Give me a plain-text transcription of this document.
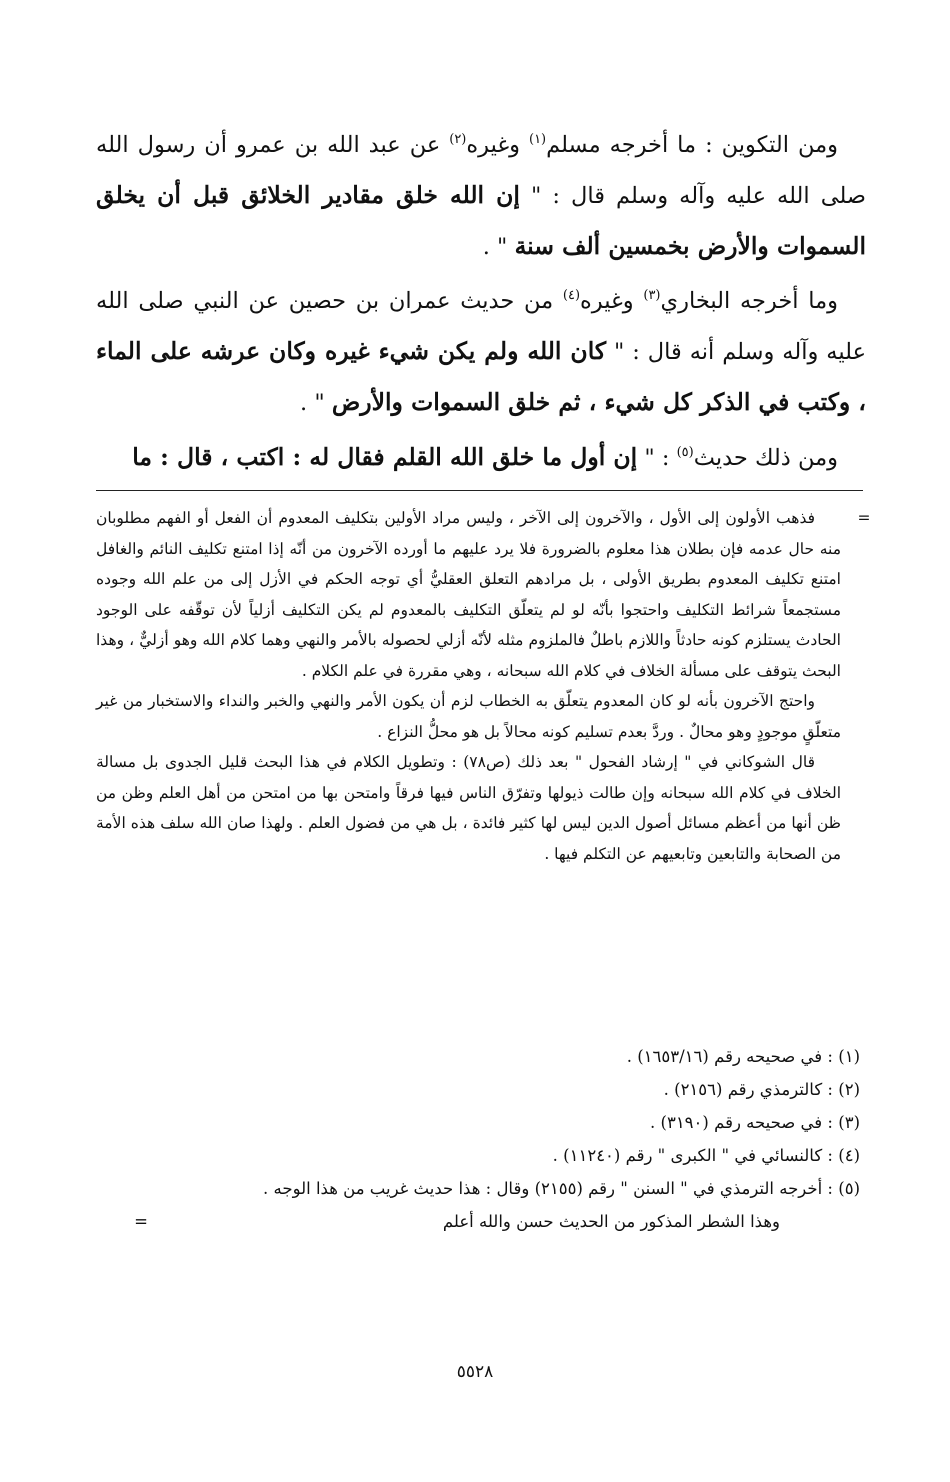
ومن التكوين : ما أخرجه مسلم$^{(١)}$ وغيره$^{(٢)}$ عن عبد الله بن عمرو أن رسول الله صلى الله عليه وآله وسلم قال : " إن الله خلق مقادير الخلائق قبل أن يخلق السموات والأرض بخمسين ألف سنة " .

وما أخرجه البخاري$^{(٣)}$ وغيره$^{(٤)}$ من حديث عمران بن حصين عن النبي صلى الله عليه وآله وسلم أنه قال : " كان الله ولم يكن شيء غيره وكان عرشه على الماء ، وكتب في الذكر كل شيء ، ثم خلق السموات والأرض " .

ومن ذلك حديث$^{(٥)}$ : " إن أول ما خلق الله القلم فقال له : اكتب ، قال : ما

=

فذهب الأولون إلى الأول ، والآخرون إلى الآخر ، وليس مراد الأولين بتكليف المعدوم أن الفعل أو الفهم مطلوبان منه حال عدمه فإن بطلان هذا معلوم بالضرورة فلا يرد عليهم ما أورده الآخرون من أنّه إذا امتنع تكليف النائم والغافل امتنع تكليف المعدوم بطريق الأولى ، بل مرادهم التعلق العقليُّ أي توجه الحكم في الأزل إلى من علم الله وجوده مستجمعاً شرائط التكليف واحتجوا بأنّه لو لم يتعلّق التكليف بالمعدوم لم يكن التكليف أزلياً لأن توقّفه على الوجود الحادث يستلزم كونه حادثاً واللازم باطلٌ فالملزوم مثله لأنّه أزلي لحصوله بالأمر والنهي وهما كلام الله وهو أزليٌّ ، وهذا البحث يتوقف على مسألة الخلاف في كلام الله سبحانه ، وهي مقررة في علم الكلام .

واحتج الآخرون بأنه لو كان المعدوم يتعلّق به الخطاب لزم أن يكون الأمر والنهي والخبر والنداء والاستخبار من غير متعلّقٍ موجودٍ وهو محالٌ . وردَّ بعدم تسليم كونه محالاً بل هو محلُّ النزاع .

قال الشوكاني في " إرشاد الفحول " بعد ذلك (ص٧٨) : وتطويل الكلام في هذا البحث قليل الجدوى بل مسالة الخلاف في كلام الله سبحانه وإن طالت ذيولها وتفرّق الناس فيها فرقاً وامتحن بها من امتحن من أهل العلم وظن من ظن أنها من أعظم مسائل أصول الدين ليس لها كثير فائدة ، بل هي من فضول العلم . ولهذا صان الله سلف هذه الأمة من الصحابة والتابعين وتابعيهم عن التكلم فيها .

(١) : في صحيحه رقم (١٦٥٣/١٦) .
(٢) : كالترمذي رقم (٢١٥٦) .
(٣) : في صحيحه رقم (٣١٩٠) .
(٤) : كالنسائي في " الكبرى " رقم (١١٢٤٠) .
(٥) : أخرجه الترمذي في " السنن " رقم (٢١٥٥) وقال : هذا حديث غريب من هذا الوجه .
وهذا الشطر المذكور من الحديث حسن والله أعلم
=
٥٥٢٨
